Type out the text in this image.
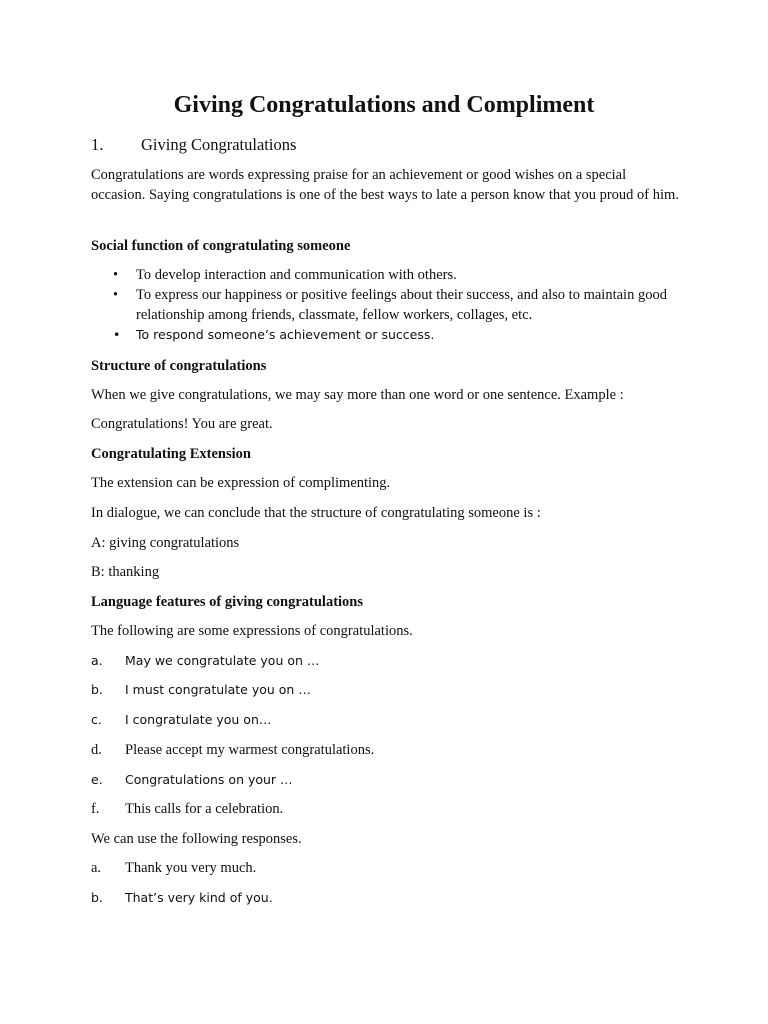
Giving Congratulations and Compliment
1. Giving Congratulations

Congratulations are words expressing praise for an achievement or good wishes on a special occasion. Saying congratulations is one of the best ways to late a person know that you proud of him.

Social function of congratulating someone

• To develop interaction and communication with others.
• To express our happiness or positive feelings about their success, and also to maintain good relationship among friends, classmate, fellow workers, collages, etc.
• To respond someone’s achievement or success.

Structure of congratulations

When we give congratulations, we may say more than one word or one sentence. Example :

Congratulations! You are great.

Congratulating Extension

The extension can be expression of complimenting.

In dialogue, we can conclude that the structure of congratulating someone is :

A: giving congratulations

B: thanking

Language features of giving congratulations

The following are some expressions of congratulations.

a. May we congratulate you on …
b. I must congratulate you on …
c. I congratulate you on…
d. Please accept my warmest congratulations.
e. Congratulations on your …
f. This calls for a celebration.

We can use the following responses.

a. Thank you very much.
b. That’s very kind of you.
